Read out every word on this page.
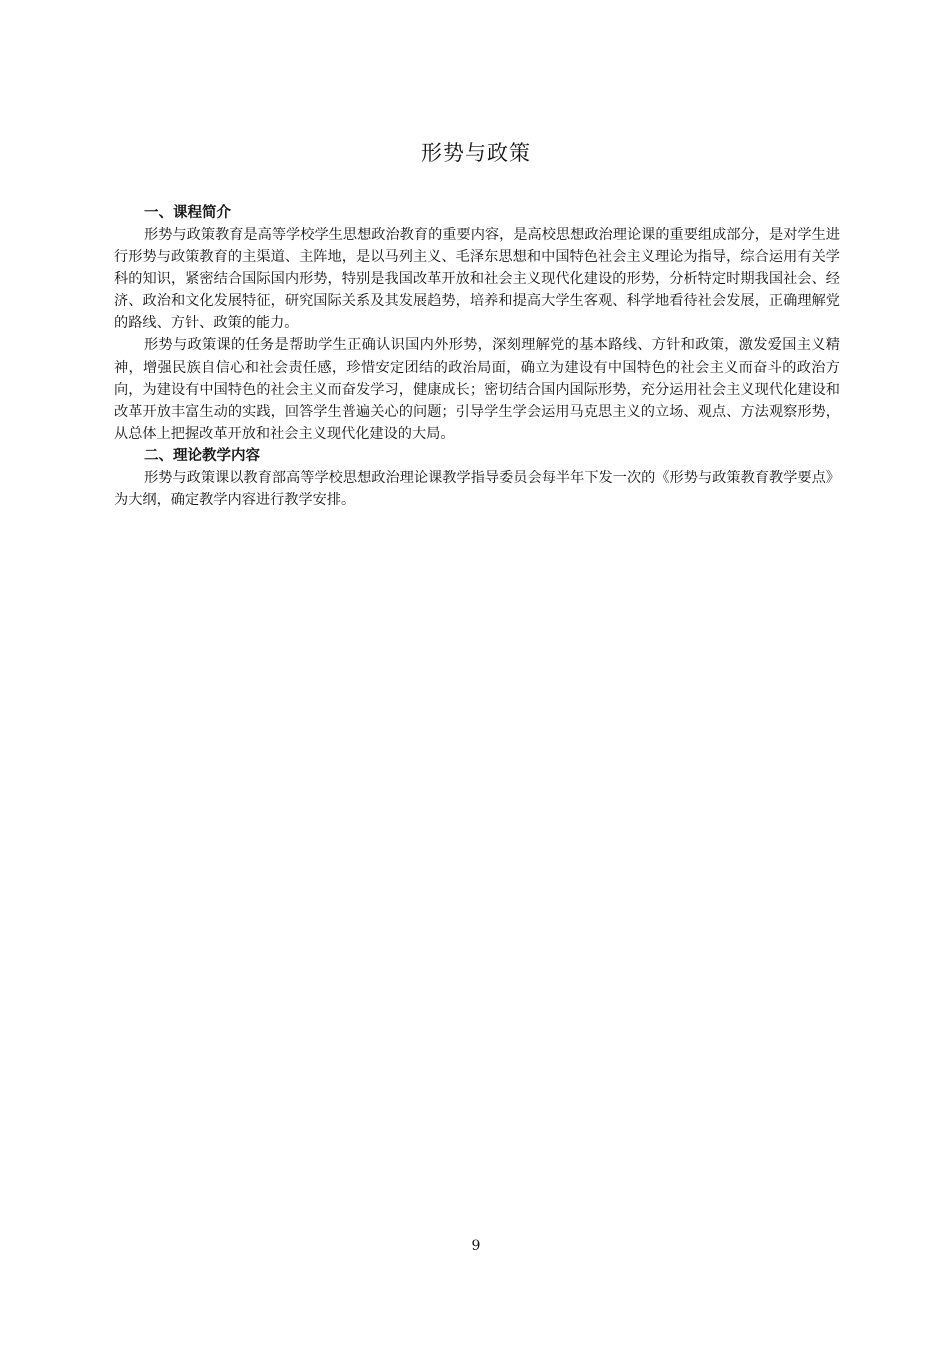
形势与政策
一、课程简介

形势与政策教育是高等学校学生思想政治教育的重要内容，是高校思想政治理论课的重要组成部分，是对学生进行形势与政策教育的主渠道、主阵地，是以马列主义、毛泽东思想和中国特色社会主义理论为指导，综合运用有关学科的知识，紧密结合国际国内形势，特别是我国改革开放和社会主义现代化建设的形势，分析特定时期我国社会、经济、政治和文化发展特征，研究国际关系及其发展趋势，培养和提高大学生客观、科学地看待社会发展，正确理解党的路线、方针、政策的能力。

形势与政策课的任务是帮助学生正确认识国内外形势，深刻理解党的基本路线、方针和政策，激发爱国主义精神，增强民族自信心和社会责任感，珍惜安定团结的政治局面，确立为建设有中国特色的社会主义而奋斗的政治方向，为建设有中国特色的社会主义而奋发学习，健康成长；密切结合国内国际形势，充分运用社会主义现代化建设和改革开放丰富生动的实践，回答学生普遍关心的问题；引导学生学会运用马克思主义的立场、观点、方法观察形势，从总体上把握改革开放和社会主义现代化建设的大局。

二、理论教学内容

形势与政策课以教育部高等学校思想政治理论课教学指导委员会每半年下发一次的《形势与政策教育教学要点》为大纲，确定教学内容进行教学安排。

9
